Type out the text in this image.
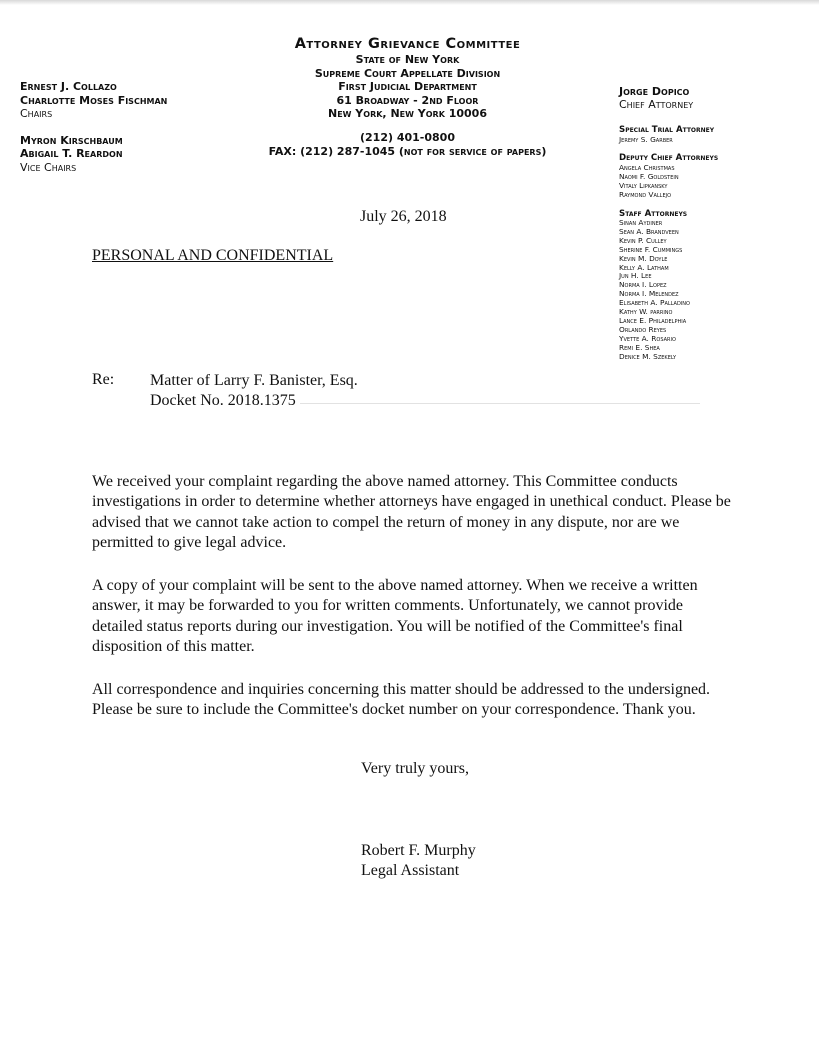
Attorney Grievance Committee
State of New York
Supreme Court Appellate Division
First Judicial Department
61 Broadway - 2nd Floor
New York, New York 10006
(212) 401-0800
FAX: (212) 287-1045 (not for service of papers)
Ernest J. Collazo
Charlotte Moses Fischman
Chairs
Myron Kirschbaum
Abigail T. Reardon
Vice Chairs
Jorge Dopico
Chief Attorney
Special Trial Attorney
Jeremy S. Garber
Deputy Chief Attorneys
Angela Christmas
Naomi F. Goldstein
Vitaly Lipkansky
Raymond Vallejo
Staff Attorneys
Sinan Aydiner
Sean A. Brandveen
Kevin P. Culley
Sherine F. Cummings
Kevin M. Doyle
Kelly A. Latham
Jun H. Lee
Norma I. Lopez
Norma I. Melendez
Elisabeth A. Palladino
Kathy W. parrino
Lance E. Philadelphia
Orlando Reyes
Yvette A. Rosario
Remi E. Shea
Denice M. Szekely
July 26, 2018
PERSONAL AND CONFIDENTIAL
Re: Matter of Larry F. Banister, Esq.
Docket No. 2018.1375
We received your complaint regarding the above named attorney. This Committee conducts investigations in order to determine whether attorneys have engaged in unethical conduct. Please be advised that we cannot take action to compel the return of money in any dispute, nor are we permitted to give legal advice.
A copy of your complaint will be sent to the above named attorney. When we receive a written answer, it may be forwarded to you for written comments. Unfortunately, we cannot provide detailed status reports during our investigation. You will be notified of the Committee's final disposition of this matter.
All correspondence and inquiries concerning this matter should be addressed to the undersigned. Please be sure to include the Committee's docket number on your correspondence. Thank you.
Very truly yours,
Robert F. Murphy
Legal Assistant
